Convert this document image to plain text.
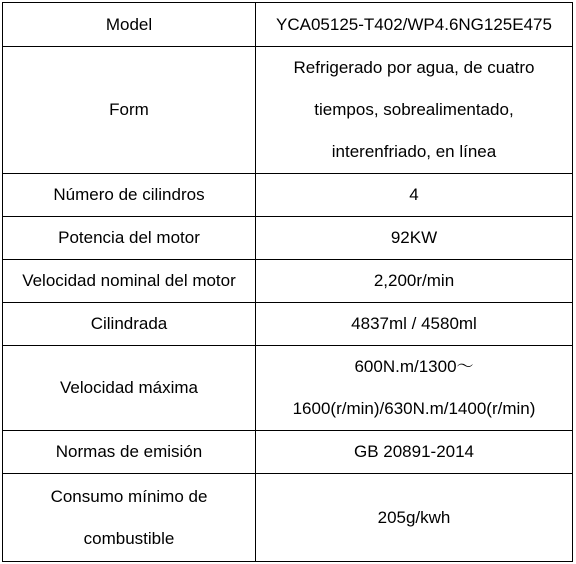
Model	YCA05125-T402/WP4.6NG125E475
Form	Refrigerado por agua, de cuatro tiempos, sobrealimentado, interenfriado, en línea

Número de cilindros	4
Potencia del motor	92KW
Velocidad nominal del motor	2,200r/min
Cilindrada	4837ml / 4580ml
Velocidad máxima	600N.m/1300～1600(r/min)/630N.m/1400(r/min)

Normas de emisión	GB 20891-2014

Consumo mínimo de combustible	205g/kwh
